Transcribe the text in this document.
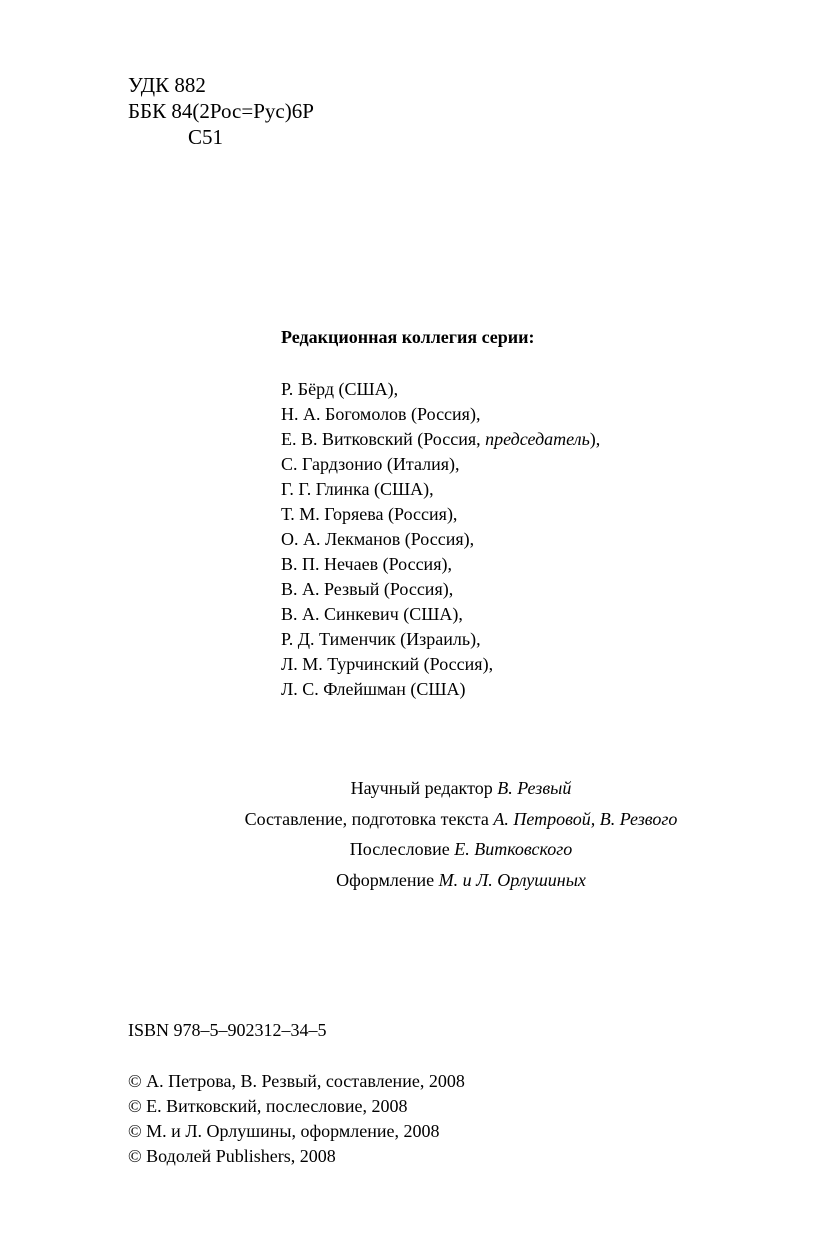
УДК 882
ББК 84(2Рос=Рус)6Р
С51
Редакционная коллегия серии:
Р. Бёрд (США),
Н. А. Богомолов (Россия),
Е. В. Витковский (Россия, председатель),
С. Гардзонио (Италия),
Г. Г. Глинка (США),
Т. М. Горяева (Россия),
О. А. Лекманов (Россия),
В. П. Нечаев (Россия),
В. А. Резвый (Россия),
В. А. Синкевич (США),
Р. Д. Тименчик (Израиль),
Л. М. Турчинский (Россия),
Л. С. Флейшман (США)
Научный редактор В. Резвый
Составление, подготовка текста А. Петровой, В. Резвого
Послесловие Е. Витковского
Оформление М. и Л. Орлушиных
ISBN 978–5–902312–34–5
© А. Петрова, В. Резвый, составление, 2008
© Е. Витковский, послесловие, 2008
© М. и Л. Орлушины, оформление, 2008
© Водолей Publishers, 2008
